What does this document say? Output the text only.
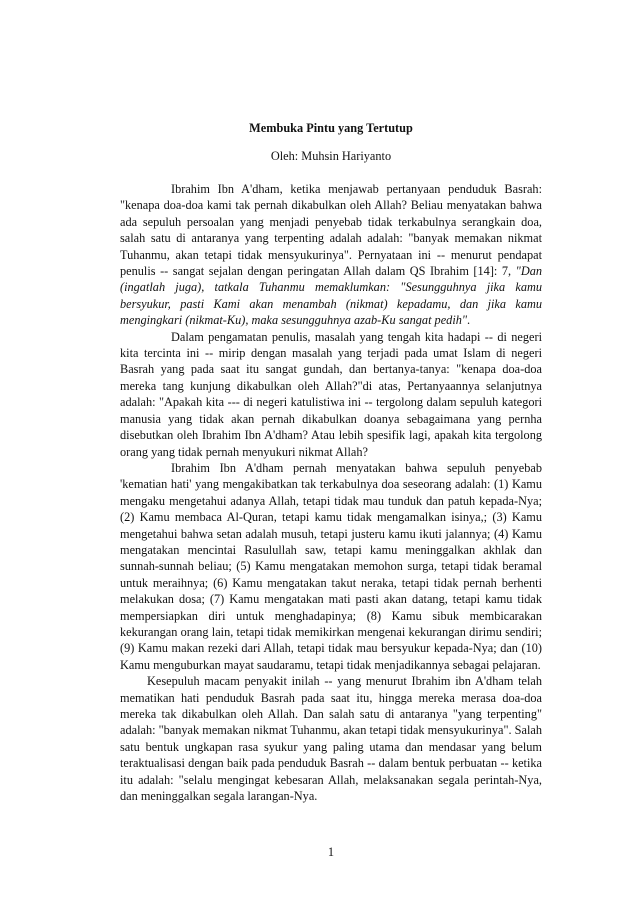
Membuka Pintu yang Tertutup
Oleh: Muhsin Hariyanto

Ibrahim Ibn A'dham, ketika menjawab pertanyaan penduduk Basrah: "kenapa doa-doa kami tak pernah dikabulkan oleh Allah? Beliau menyatakan bahwa ada sepuluh persoalan yang menjadi penyebab tidak terkabulnya serangkain doa, salah satu di antaranya yang terpenting adalah adalah: "banyak memakan nikmat Tuhanmu, akan tetapi tidak mensyukurinya". Pernyataan ini -- menurut pendapat penulis -- sangat sejalan dengan peringatan Allah dalam QS Ibrahim [14]: 7, "Dan (ingatlah juga), tatkala Tuhanmu memaklumkan: "Sesungguhnya jika kamu bersyukur, pasti Kami akan menambah (nikmat) kepadamu, dan jika kamu mengingkari (nikmat-Ku), maka sesungguhnya azab-Ku sangat pedih".

Dalam pengamatan penulis, masalah yang tengah kita hadapi -- di negeri kita tercinta ini -- mirip dengan masalah yang terjadi pada umat Islam di negeri Basrah yang pada saat itu sangat gundah, dan bertanya-tanya: "kenapa doa-doa mereka tang kunjung dikabulkan oleh Allah?"di atas, Pertanyaannya selanjutnya adalah: "Apakah kita --- di negeri katulistiwa ini -- tergolong dalam sepuluh kategori manusia yang tidak akan pernah dikabulkan doanya sebagaimana yang pernha disebutkan oleh Ibrahim Ibn A'dham? Atau lebih spesifik lagi, apakah kita tergolong orang yang tidak pernah menyukuri nikmat Allah?

Ibrahim Ibn A'dham pernah menyatakan bahwa sepuluh penyebab 'kematian hati' yang mengakibatkan tak terkabulnya doa seseorang adalah: (1) Kamu mengaku mengetahui adanya Allah, tetapi tidak mau tunduk dan patuh kepada-Nya; (2) Kamu membaca Al-Quran, tetapi kamu tidak mengamalkan isinya,; (3) Kamu mengetahui bahwa setan adalah musuh, tetapi justeru kamu ikuti jalannya; (4) Kamu mengatakan mencintai Rasulullah saw, tetapi kamu meninggalkan akhlak dan sunnah-sunnah beliau; (5) Kamu mengatakan memohon surga, tetapi tidak beramal untuk meraihnya; (6) Kamu mengatakan takut neraka, tetapi tidak pernah berhenti melakukan dosa; (7) Kamu mengatakan mati pasti akan datang, tetapi kamu tidak mempersiapkan diri untuk menghadapinya; (8) Kamu sibuk membicarakan kekurangan orang lain, tetapi tidak memikirkan mengenai kekurangan dirimu sendiri; (9) Kamu makan rezeki dari Allah, tetapi tidak mau bersyukur kepada-Nya; dan (10) Kamu menguburkan mayat saudaramu, tetapi tidak menjadikannya sebagai pelajaran.

Kesepuluh macam penyakit inilah -- yang menurut Ibrahim ibn A'dham telah mematikan hati penduduk Basrah pada saat itu, hingga mereka merasa doa-doa mereka tak dikabulkan oleh Allah. Dan salah satu di antaranya "yang terpenting" adalah: "banyak memakan nikmat Tuhanmu, akan tetapi tidak mensyukurinya". Salah satu bentuk ungkapan rasa syukur yang paling utama dan mendasar yang belum teraktualisasi dengan baik pada penduduk Basrah -- dalam bentuk perbuatan -- ketika itu adalah: "selalu mengingat kebesaran Allah, melaksanakan segala perintah-Nya, dan meninggalkan segala larangan-Nya.

1
